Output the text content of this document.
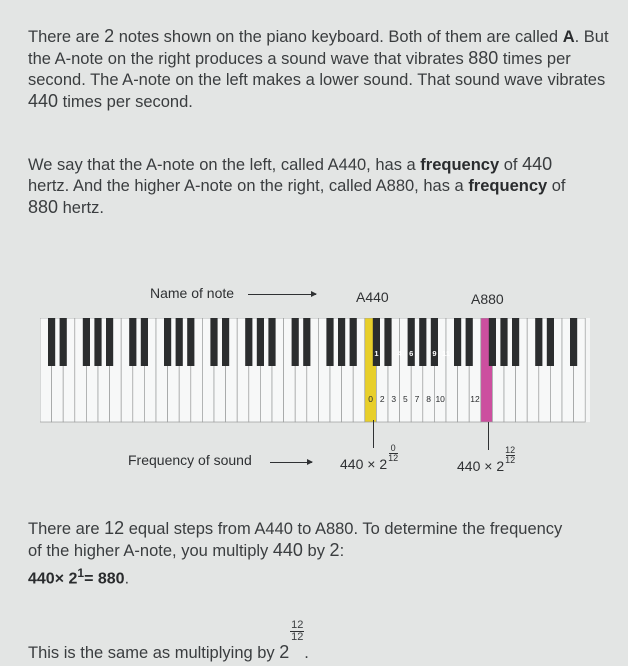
There are 2 notes shown on the piano keyboard. Both of them are called A. But the A-note on the right produces a sound wave that vibrates 880 times per second. The A-note on the left makes a lower sound. That sound wave vibrates 440 times per second.

We say that the A-note on the left, called A440, has a frequency of 440 hertz. And the higher A-note on the right, called A880, has a frequency of 880 hertz.

Name of note	A440	A880
1	4 6	9 11
0 2 3 5 7 8 10	12
Frequency of sound	440 × 2
$\frac{0}{12}$
440 × 2
$\frac{12}{12}$

There are 12 equal steps from A440 to A880. To determine the frequency of the higher A-note, you multiply 440 by 2:

$440\times 2^1= 880$.
This is the same as multiplying by 2
$\frac{12}{12}$
.
